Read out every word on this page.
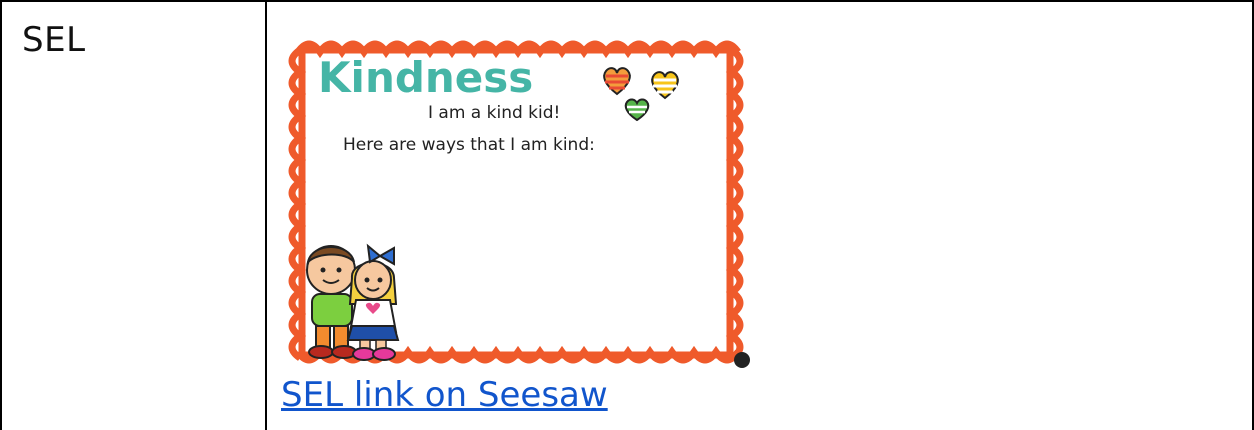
SEL
Kindness
I am a kind kid!
Here are ways that I am kind:
SEL link on Seesaw
